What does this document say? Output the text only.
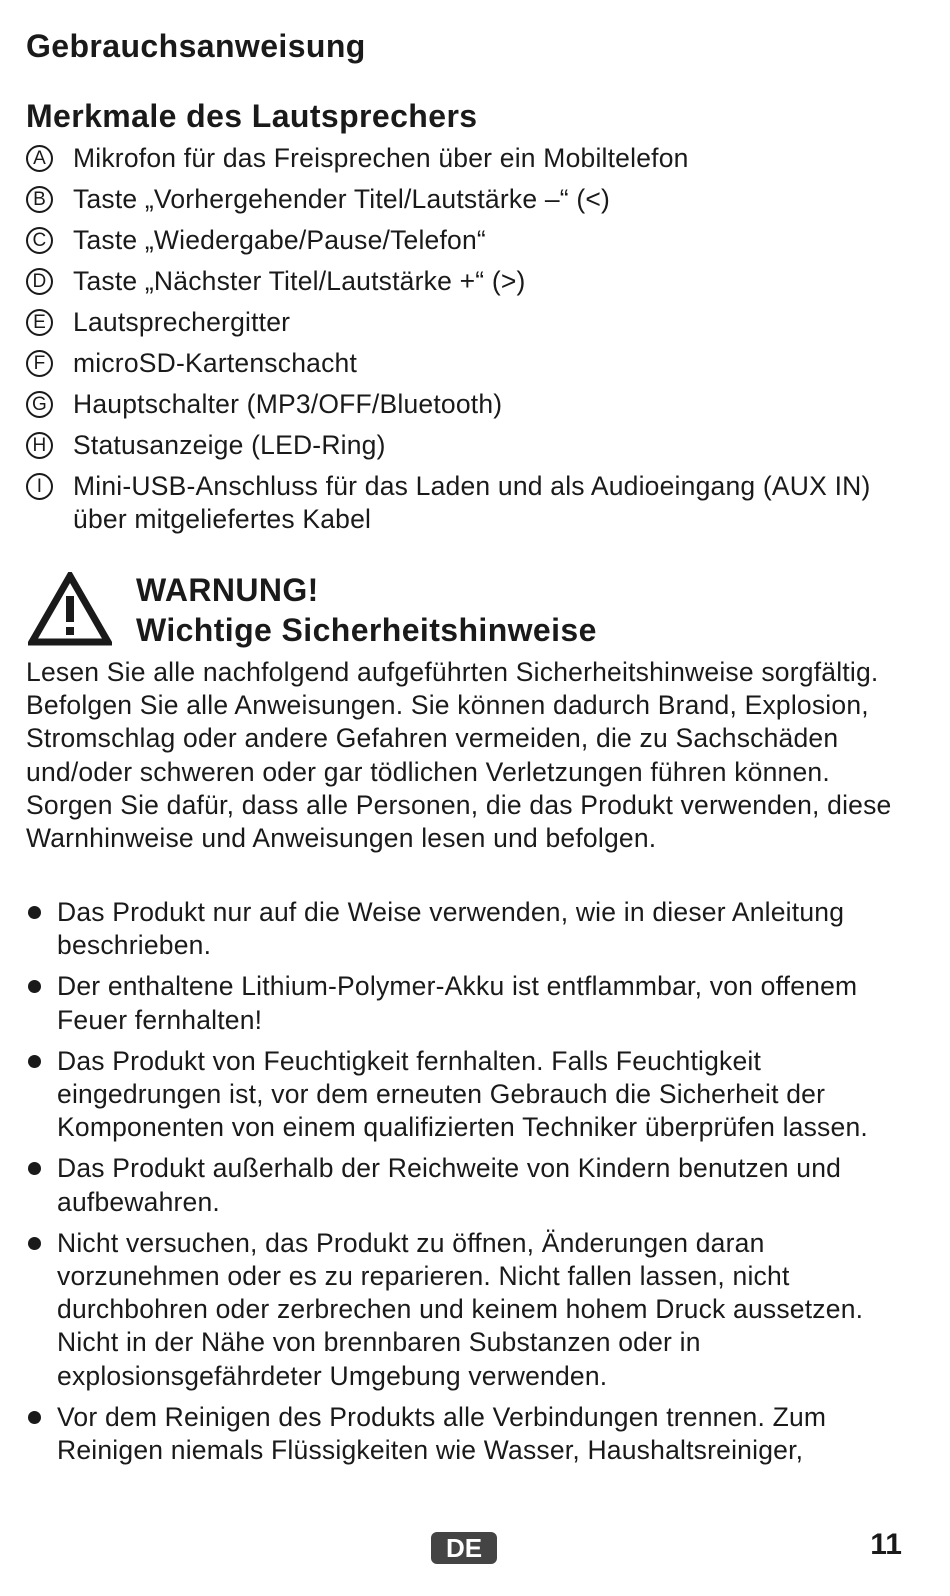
Gebrauchsanweisung
Merkmale des Lautsprechers
A Mikrofon für das Freisprechen über ein Mobiltelefon
B Taste „Vorhergehender Titel/Lautstärke –“ (<)
C Taste „Wiedergabe/Pause/Telefon“
D Taste „Nächster Titel/Lautstärke +“ (>)
E Lautsprechergitter
F microSD-Kartenschacht
G Hauptschalter (MP3/OFF/Bluetooth)
H Statusanzeige (LED-Ring)
I	Mini-USB-Anschluss für das Laden und als Audioeingang (AUX IN) über mitgeliefertes Kabel
WARNUNG!
Wichtige Sicherheitshinweise
Lesen Sie alle nachfolgend aufgeführten Sicherheitshinweise sorgfältig. Befolgen Sie alle Anweisungen. Sie können dadurch Brand, Explosion, Stromschlag oder andere Gefahren vermeiden, die zu Sachschäden und/oder schweren oder gar tödlichen Verletzungen führen können. Sorgen Sie dafür, dass alle Personen, die das Produkt verwenden, diese Warnhinweise und Anweisungen lesen und befolgen.
Das Produkt nur auf die Weise verwenden, wie in dieser Anleitung beschrieben.
Der enthaltene Lithium-Polymer-Akku ist entflammbar, von offenem Feuer fernhalten!
Das Produkt von Feuchtigkeit fernhalten. Falls Feuchtigkeit eingedrungen ist, vor dem erneuten Gebrauch die Sicherheit der Komponenten von einem qualifizierten Techniker überprüfen lassen.
Das Produkt außerhalb der Reichweite von Kindern benutzen und aufbewahren.
Nicht versuchen, das Produkt zu öffnen, Änderungen daran vorzunehmen oder es zu reparieren. Nicht fallen lassen, nicht durchbohren oder zerbrechen und keinem hohem Druck aussetzen. Nicht in der Nähe von brennbaren Substanzen oder in explosionsgefährdeter Umgebung verwenden.
Vor dem Reinigen des Produkts alle Verbindungen trennen. Zum Reinigen niemals Flüssigkeiten wie Wasser, Haushaltsreiniger,
DE	11
